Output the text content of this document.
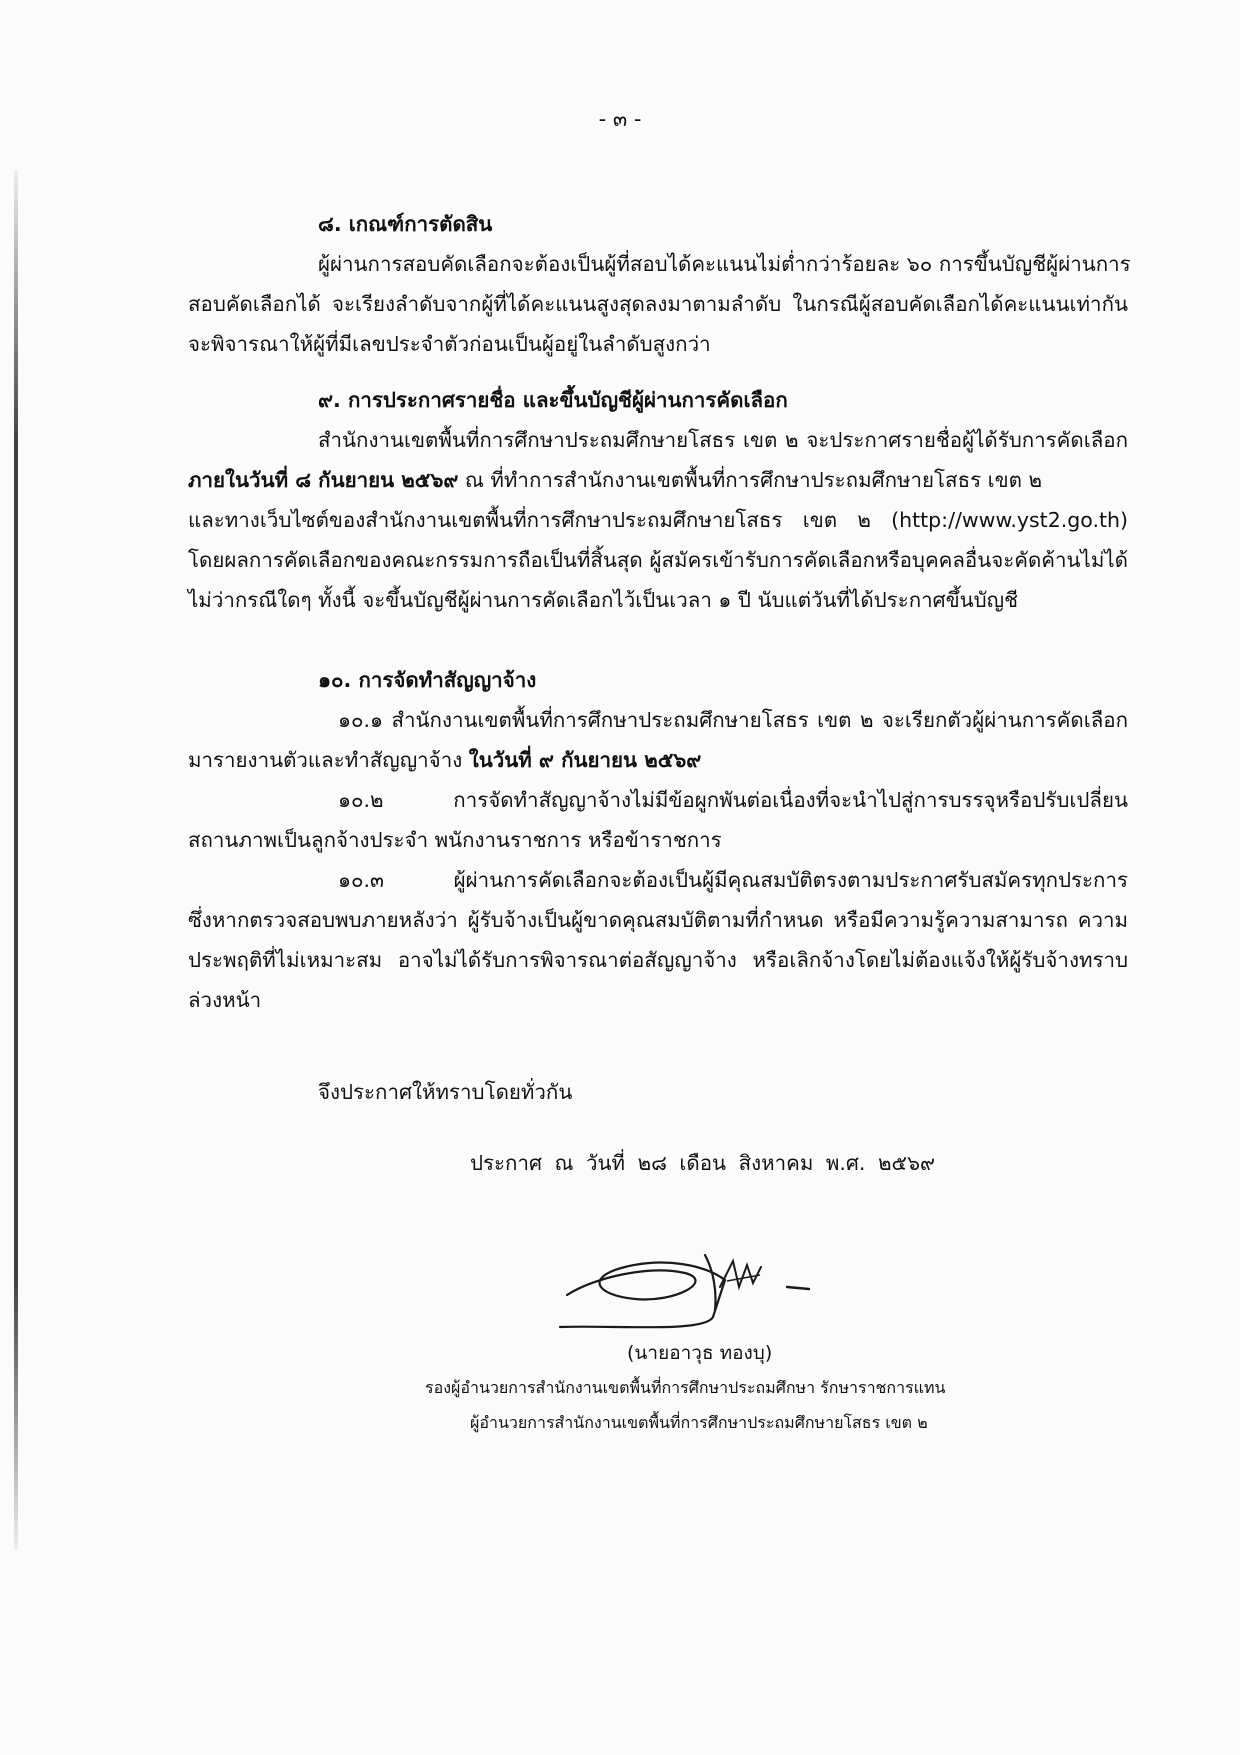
- ๓ -
๘. เกณฑ์การตัดสิน
ผู้ผ่านการสอบคัดเลือกจะต้องเป็นผู้ที่สอบได้คะแนนไม่ต่ำกว่าร้อยละ ๖๐ การขึ้นบัญชีผู้ผ่านการ
สอบคัดเลือกได้ จะเรียงลำดับจากผู้ที่ได้คะแนนสูงสุดลงมาตามลำดับ ในกรณีผู้สอบคัดเลือกได้คะแนนเท่ากัน
จะพิจารณาให้ผู้ที่มีเลขประจำตัวก่อนเป็นผู้อยู่ในลำดับสูงกว่า
๙. การประกาศรายชื่อ และขึ้นบัญชีผู้ผ่านการคัดเลือก
สำนักงานเขตพื้นที่การศึกษาประถมศึกษายโสธร เขต ๒ จะประกาศรายชื่อผู้ได้รับการคัดเลือก
ภายในวันที่ ๘ กันยายน ๒๕๖๙ ณ ที่ทำการสำนักงานเขตพื้นที่การศึกษาประถมศึกษายโสธร เขต ๒
และทางเว็บไซต์ของสำนักงานเขตพื้นที่การศึกษาประถมศึกษายโสธร เขต ๒ (http://www.yst2.go.th)
โดยผลการคัดเลือกของคณะกรรมการถือเป็นที่สิ้นสุด ผู้สมัครเข้ารับการคัดเลือกหรือบุคคลอื่นจะคัดค้านไม่ได้
ไม่ว่ากรณีใดๆ ทั้งนี้ จะขึ้นบัญชีผู้ผ่านการคัดเลือกไว้เป็นเวลา ๑ ปี นับแต่วันที่ได้ประกาศขึ้นบัญชี
๑๐. การจัดทำสัญญาจ้าง
๑๐.๑ สำนักงานเขตพื้นที่การศึกษาประถมศึกษายโสธร เขต ๒ จะเรียกตัวผู้ผ่านการคัดเลือก
มารายงานตัวและทำสัญญาจ้าง ในวันที่ ๙ กันยายน ๒๕๖๙
๑๐.๒ การจัดทำสัญญาจ้างไม่มีข้อผูกพันต่อเนื่องที่จะนำไปสู่การบรรจุหรือปรับเปลี่ยน
สถานภาพเป็นลูกจ้างประจำ พนักงานราชการ หรือข้าราชการ
๑๐.๓ ผู้ผ่านการคัดเลือกจะต้องเป็นผู้มีคุณสมบัติตรงตามประกาศรับสมัครทุกประการ
ซึ่งหากตรวจสอบพบภายหลังว่า ผู้รับจ้างเป็นผู้ขาดคุณสมบัติตามที่กำหนด หรือมีความรู้ความสามารถ ความ
ประพฤติที่ไม่เหมาะสม อาจไม่ได้รับการพิจารณาต่อสัญญาจ้าง หรือเลิกจ้างโดยไม่ต้องแจ้งให้ผู้รับจ้างทราบ
ล่วงหน้า
จึงประกาศให้ทราบโดยทั่วกัน
ประกาศ ณ วันที่ ๒๘ เดือน สิงหาคม พ.ศ. ๒๕๖๙
(นายอาวุธ ทองบุ)
รองผู้อำนวยการสำนักงานเขตพื้นที่การศึกษาประถมศึกษา รักษาราชการแทน
ผู้อำนวยการสำนักงานเขตพื้นที่การศึกษาประถมศึกษายโสธร เขต ๒
